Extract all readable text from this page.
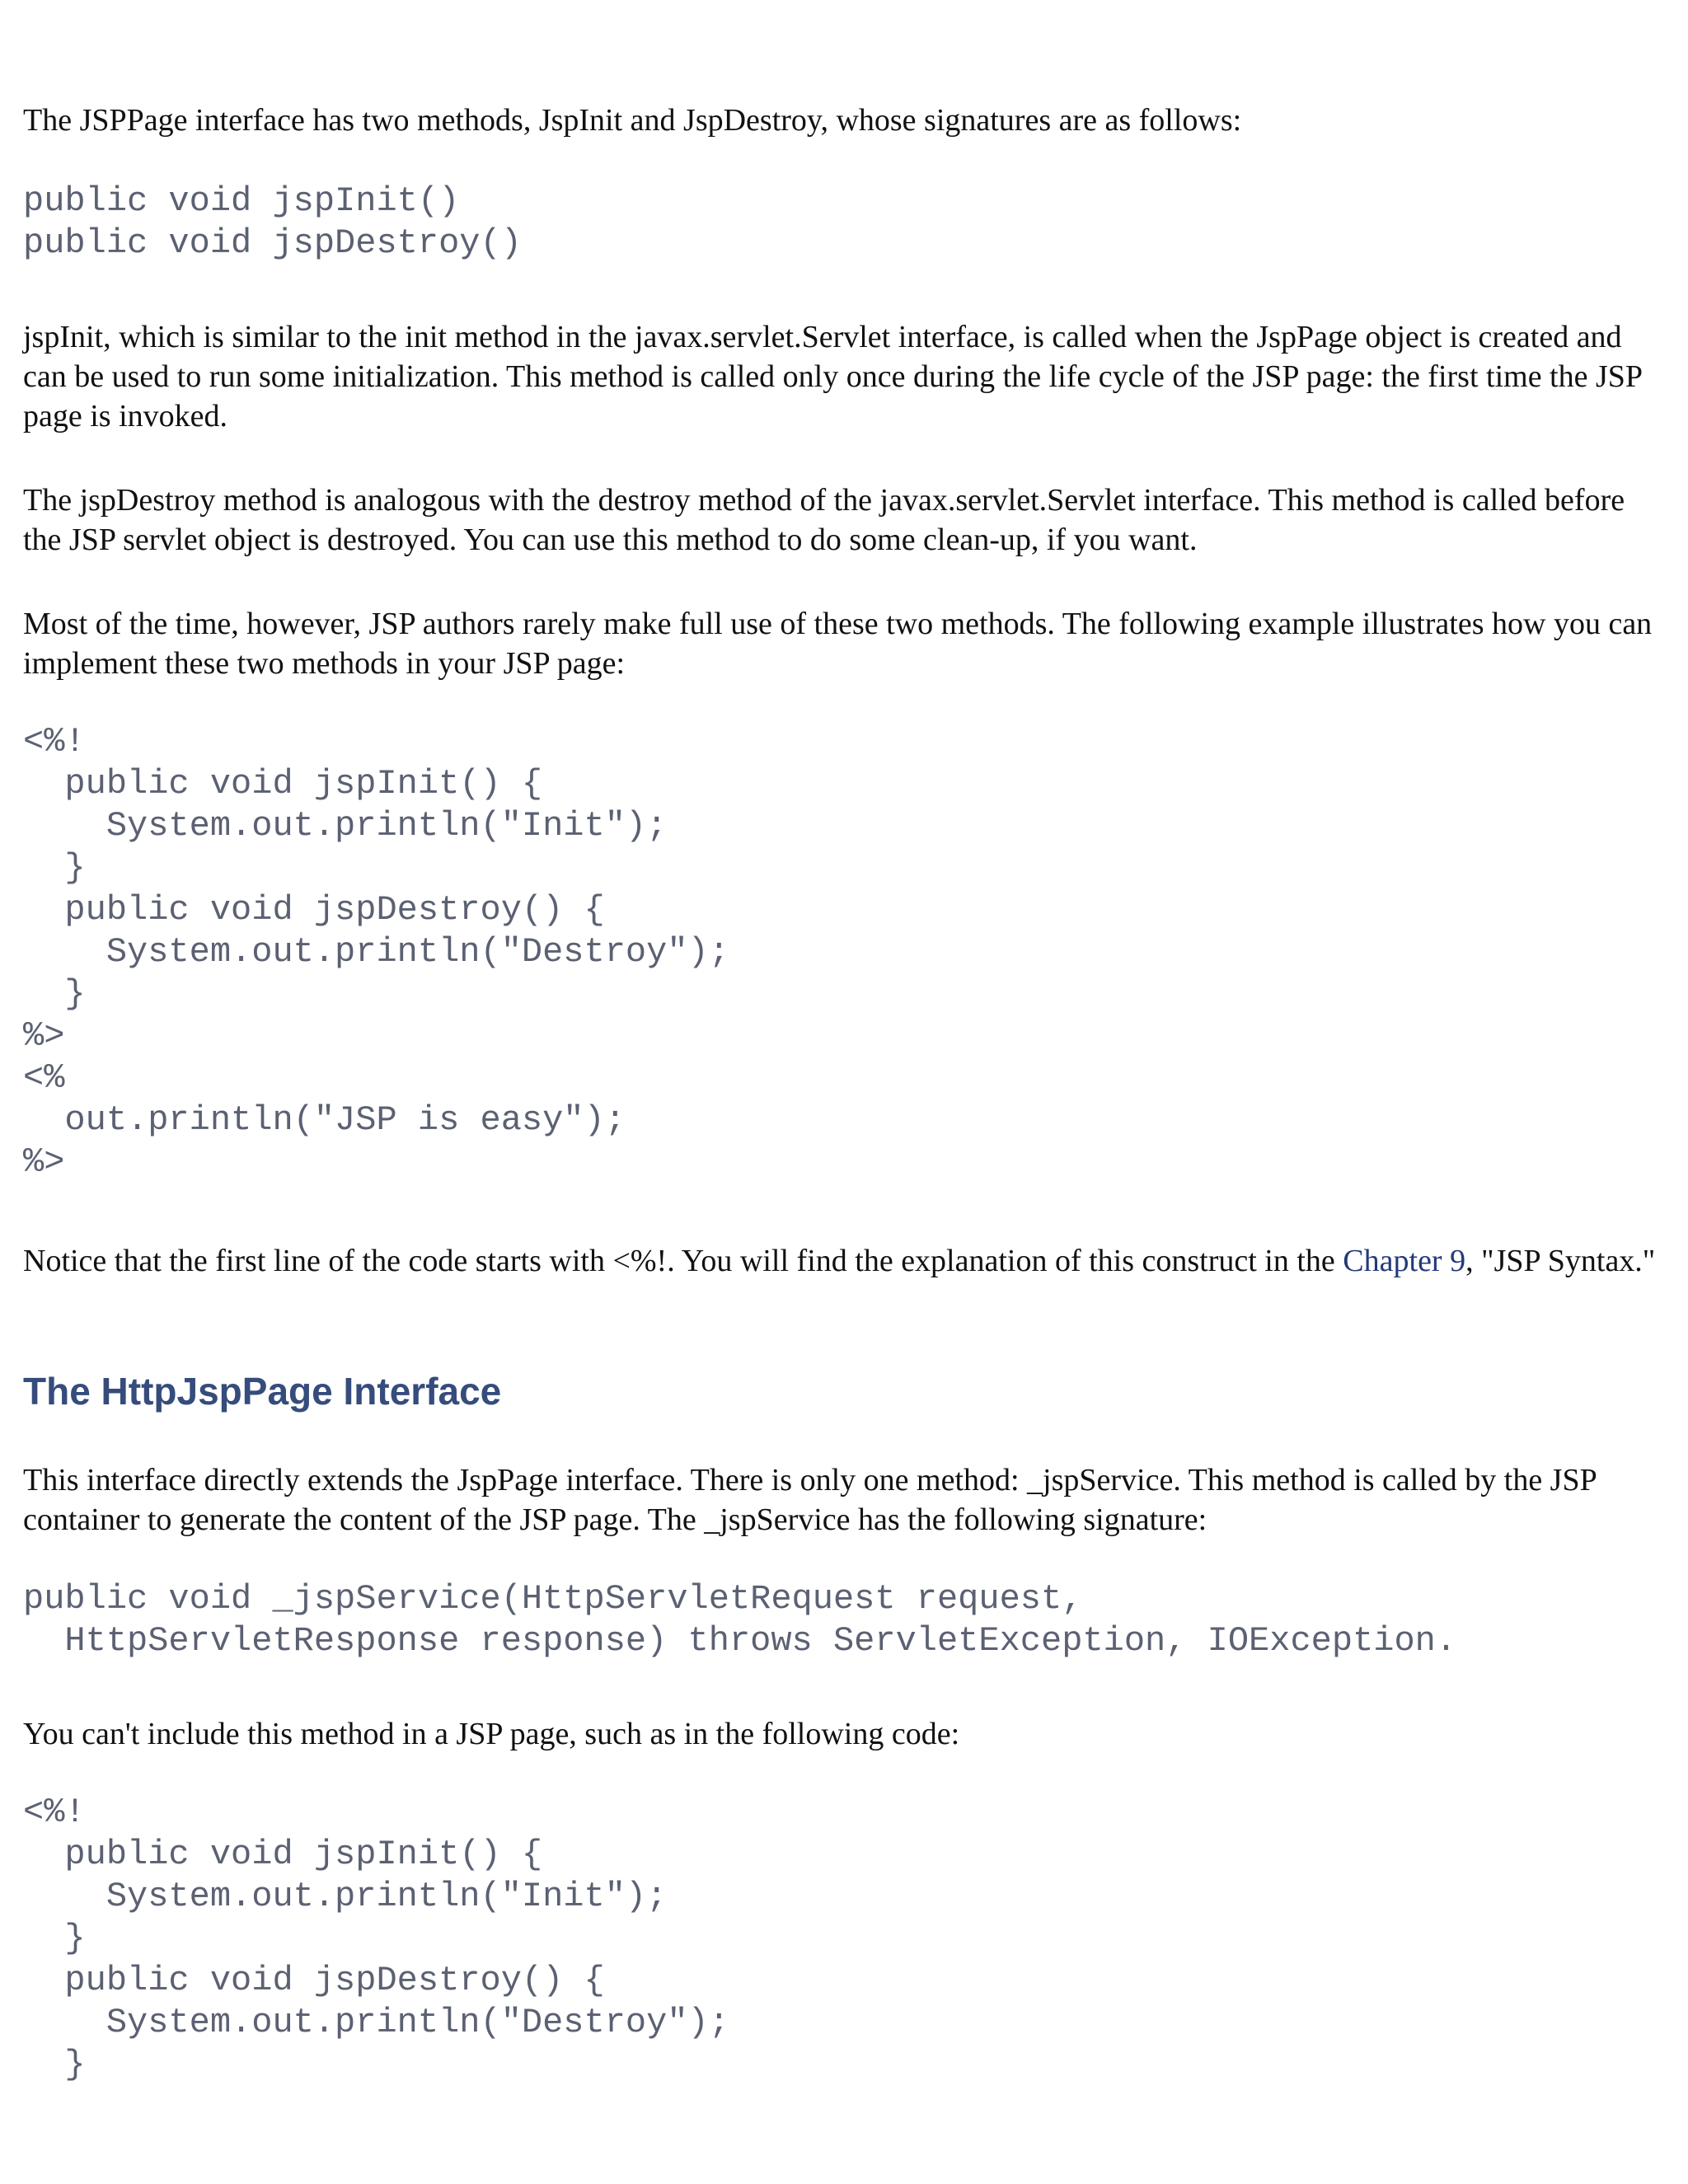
The JSPPage interface has two methods, JspInit and JspDestroy, whose signatures are as follows:

public void jspInit()
public void jspDestroy()

jspInit, which is similar to the init method in the javax.servlet.Servlet interface, is called when the JspPage object is created and can be used to run some initialization. This method is called only once during the life cycle of the JSP page: the first time the JSP page is invoked.

The jspDestroy method is analogous with the destroy method of the javax.servlet.Servlet interface. This method is called before the JSP servlet object is destroyed. You can use this method to do some clean-up, if you want.

Most of the time, however, JSP authors rarely make full use of these two methods. The following example illustrates how you can implement these two methods in your JSP page:

<%!
public void jspInit() {
System.out.println("Init");
}
public void jspDestroy() {
System.out.println("Destroy");
}
%>
<%
out.println("JSP is easy");
%>

Notice that the first line of the code starts with <%!. You will find the explanation of this construct in the Chapter 9, "JSP Syntax."

The HttpJspPage Interface

This interface directly extends the JspPage interface. There is only one method: _jspService. This method is called by the JSP container to generate the content of the JSP page. The _jspService has the following signature:

public void _jspService(HttpServletRequest request,
HttpServletResponse response) throws ServletException, IOException.

You can't include this method in a JSP page, such as in the following code:

<%!
public void jspInit() {
System.out.println("Init");
}
public void jspDestroy() {
System.out.println("Destroy");
}
